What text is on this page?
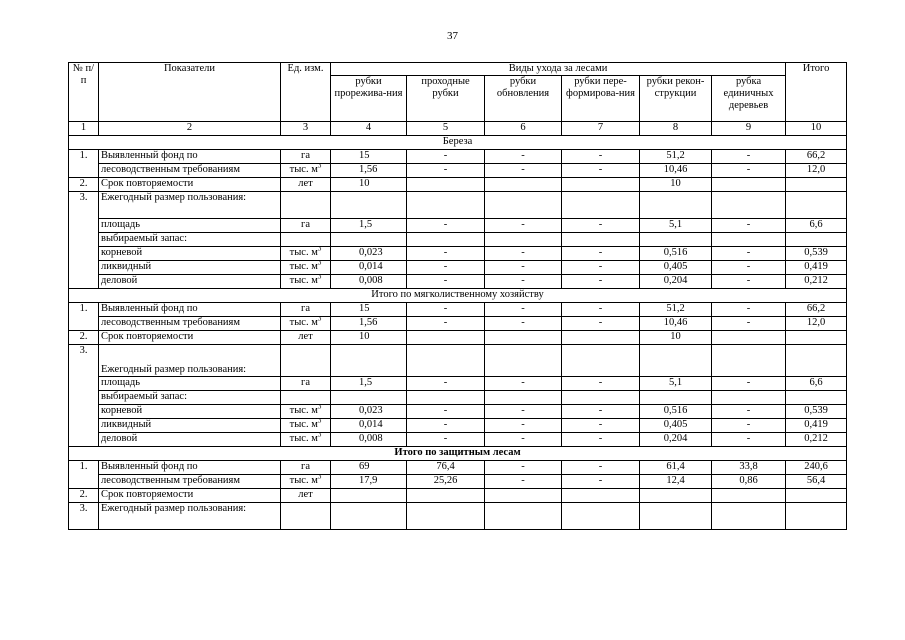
37
№ п/п	Показатели	Ед. изм.	Виды ухода за лесами						Итого
			рубки прорежива-ния	проходные рубки	рубки обновления	рубки пере-формирова-ния	рубки рекон-струкции	рубка единичных деревьев	
1	2	3	4	5	6	7	8	9	10
Береза									
1.	Выявленный фонд по	га	15	-	-	-	51,2	-	66,2
	лесоводственным требованиям	тыс. $м^3$	1,56	-	-	-	10,46	-	12,0
2.	Срок повторяемости	лет	10				10		
3.	Ежегодный размер пользования:								
	площадь	га	1,5	-	-	-	5,1	-	6,6
	выбираемый запас:								
	корневой	тыс. $м^3$	0,023	-	-	-	0,516	-	0,539
	ликвидный	тыс. $м^3$	0,014	-	-	-	0,405	-	0,419
	деловой	тыс. $м^3$	0,008	-	-	-	0,204	-	0,212
Итого по мягколиственному хозяйству									
1.	Выявленный фонд по	га	15	-	-	-	51,2	-	66,2
	лесоводственным требованиям	тыс. $м^3$	1,56	-	-	-	10,46	-	12,0
2.	Срок повторяемости	лет	10				10		
3.	Ежегодный размер пользования:								
	площадь	га	1,5	-	-	-	5,1	-	6,6
	выбираемый запас:								
	корневой	тыс. $м^3$	0,023	-	-	-	0,516	-	0,539
	ликвидный	тыс. $м^3$	0,014	-	-	-	0,405	-	0,419
	деловой	тыс. $м^3$	0,008	-	-	-	0,204	-	0,212
Итого по защитным лесам									
1.	Выявленный фонд по	га	69	76,4	-	-	61,4	33,8	240,6
	лесоводственным требованиям	тыс. $м^3$	17,9	25,26	-	-	12,4	0,86	56,4
2.	Срок повторяемости	лет							
3.	Ежегодный размер пользования:								
